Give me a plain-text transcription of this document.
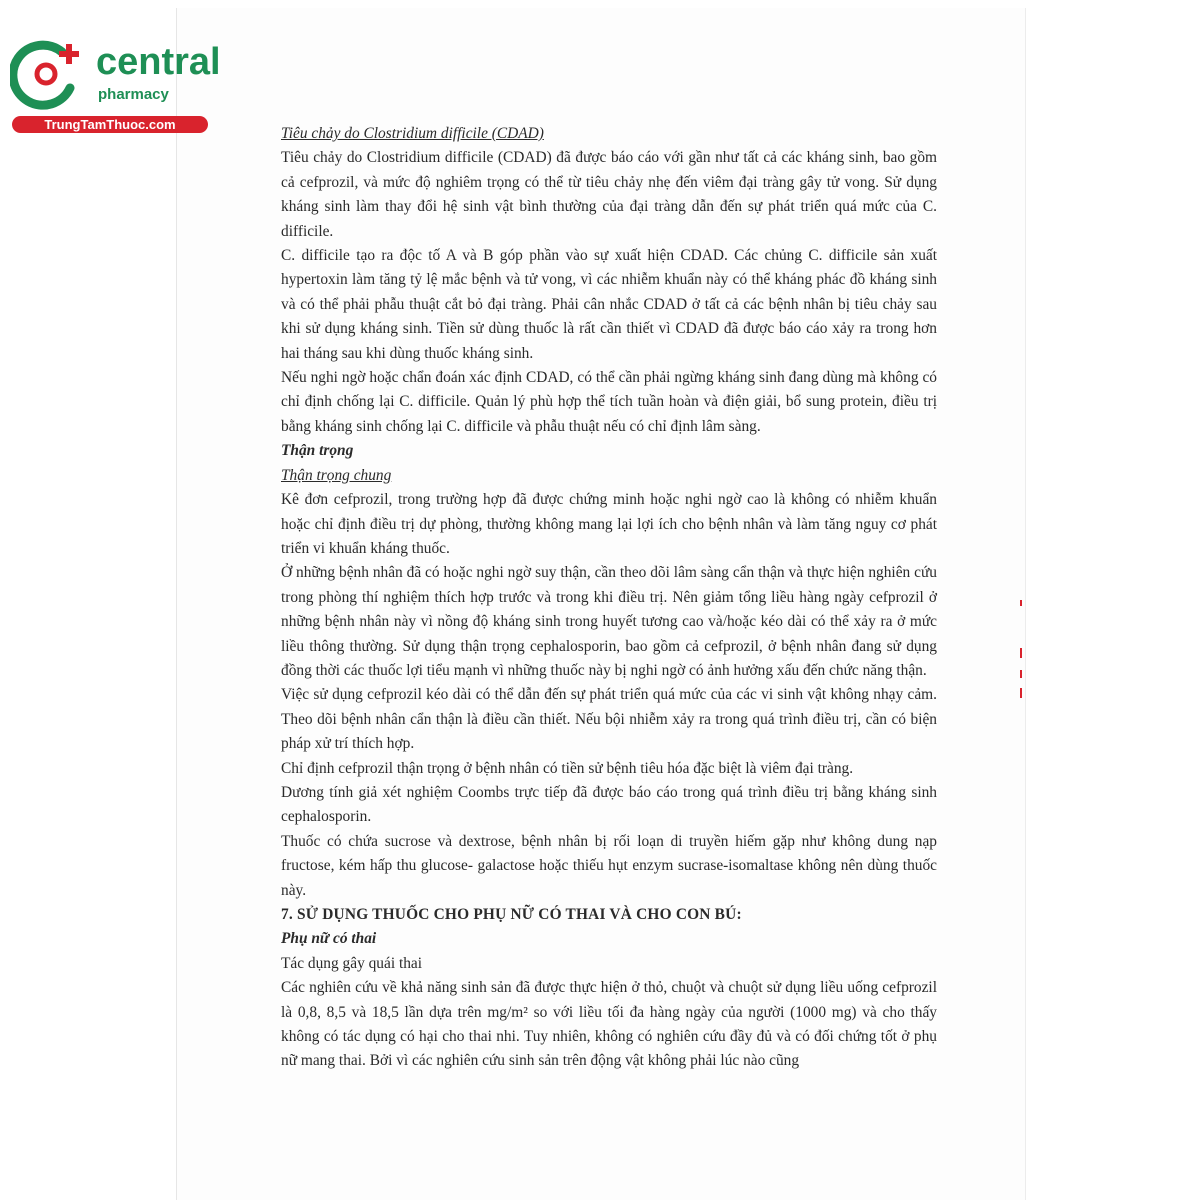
central
pharmacy
TrungTamThuoc.com

Tiêu chảy do Clostridium difficile (CDAD)

Tiêu chảy do Clostridium difficile (CDAD) đã được báo cáo với gần như tất cả các kháng sinh, bao gồm cả cefprozil, và mức độ nghiêm trọng có thể từ tiêu chảy nhẹ đến viêm đại tràng gây tử vong. Sử dụng kháng sinh làm thay đổi hệ sinh vật bình thường của đại tràng dẫn đến sự phát triển quá mức của C. difficile.

C. difficile tạo ra độc tố A và B góp phần vào sự xuất hiện CDAD. Các chủng C. difficile sản xuất hypertoxin làm tăng tỷ lệ mắc bệnh và tử vong, vì các nhiễm khuẩn này có thể kháng phác đồ kháng sinh và có thể phải phẫu thuật cắt bỏ đại tràng. Phải cân nhắc CDAD ở tất cả các bệnh nhân bị tiêu chảy sau khi sử dụng kháng sinh. Tiền sử dùng thuốc là rất cần thiết vì CDAD đã được báo cáo xảy ra trong hơn hai tháng sau khi dùng thuốc kháng sinh.

Nếu nghi ngờ hoặc chẩn đoán xác định CDAD, có thể cần phải ngừng kháng sinh đang dùng mà không có chỉ định chống lại C. difficile. Quản lý phù hợp thể tích tuần hoàn và điện giải, bổ sung protein, điều trị bằng kháng sinh chống lại C. difficile và phẫu thuật nếu có chỉ định lâm sàng.

Thận trọng

Thận trọng chung

Kê đơn cefprozil, trong trường hợp đã được chứng minh hoặc nghi ngờ cao là không có nhiễm khuẩn hoặc chỉ định điều trị dự phòng, thường không mang lại lợi ích cho bệnh nhân và làm tăng nguy cơ phát triển vi khuẩn kháng thuốc.

Ở những bệnh nhân đã có hoặc nghi ngờ suy thận, cần theo dõi lâm sàng cẩn thận và thực hiện nghiên cứu trong phòng thí nghiệm thích hợp trước và trong khi điều trị. Nên giảm tổng liều hàng ngày cefprozil ở những bệnh nhân này vì nồng độ kháng sinh trong huyết tương cao và/hoặc kéo dài có thể xảy ra ở mức liều thông thường. Sử dụng thận trọng cephalosporin, bao gồm cả cefprozil, ở bệnh nhân đang sử dụng đồng thời các thuốc lợi tiểu mạnh vì những thuốc này bị nghi ngờ có ảnh hưởng xấu đến chức năng thận.

Việc sử dụng cefprozil kéo dài có thể dẫn đến sự phát triển quá mức của các vi sinh vật không nhạy cảm. Theo dõi bệnh nhân cẩn thận là điều cần thiết. Nếu bội nhiễm xảy ra trong quá trình điều trị, cần có biện pháp xử trí thích hợp.

Chỉ định cefprozil thận trọng ở bệnh nhân có tiền sử bệnh tiêu hóa đặc biệt là viêm đại tràng.

Dương tính giả xét nghiệm Coombs trực tiếp đã được báo cáo trong quá trình điều trị bằng kháng sinh cephalosporin.

Thuốc có chứa sucrose và dextrose, bệnh nhân bị rối loạn di truyền hiếm gặp như không dung nạp fructose, kém hấp thu glucose- galactose hoặc thiếu hụt enzym sucrase-isomaltase không nên dùng thuốc này.

7. SỬ DỤNG THUỐC CHO PHỤ NỮ CÓ THAI VÀ CHO CON BÚ:

Phụ nữ có thai

Tác dụng gây quái thai

Các nghiên cứu về khả năng sinh sản đã được thực hiện ở thỏ, chuột và chuột sử dụng liều uống cefprozil là 0,8, 8,5 và 18,5 lần dựa trên mg/m² so với liều tối đa hàng ngày của người (1000 mg) và cho thấy không có tác dụng có hại cho thai nhi. Tuy nhiên, không có nghiên cứu đầy đủ và có đối chứng tốt ở phụ nữ mang thai. Bởi vì các nghiên cứu sinh sản trên động vật không phải lúc nào cũng
